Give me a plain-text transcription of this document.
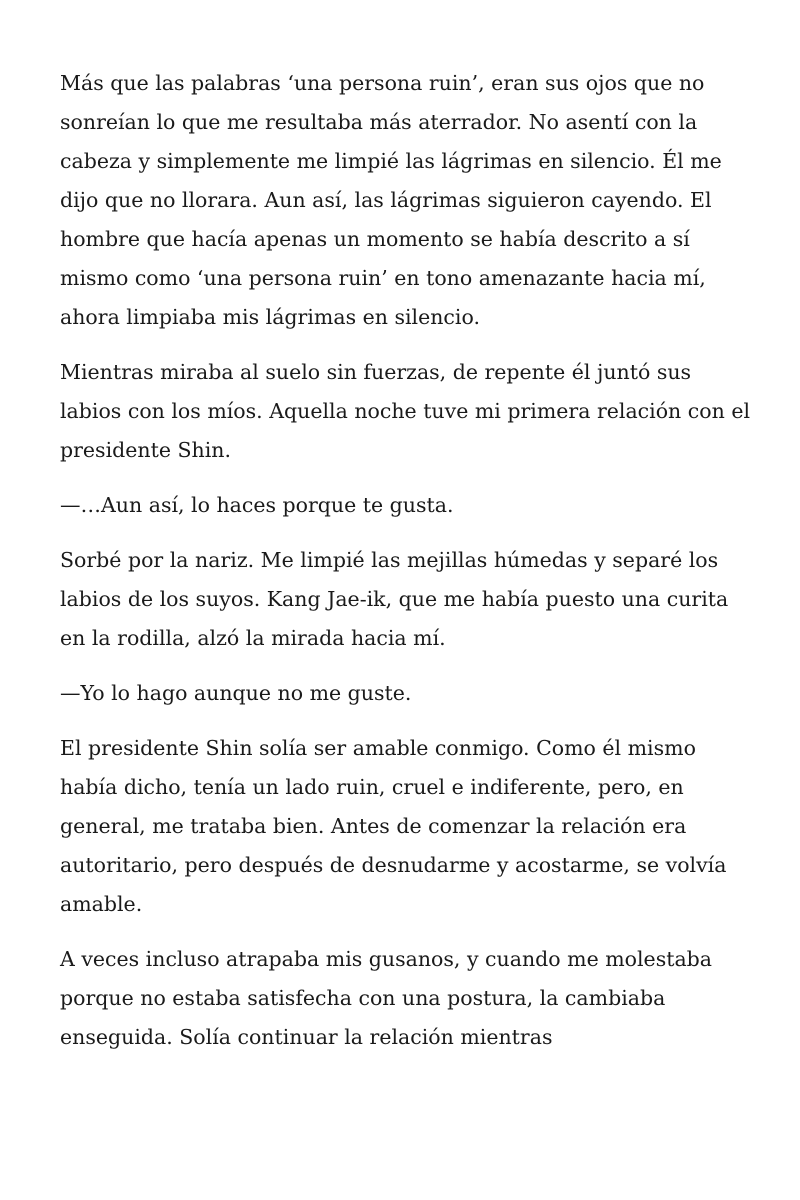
Más que las palabras ‘una persona ruin’, eran sus ojos que no sonreían lo que me resultaba más aterrador. No asentí con la cabeza y simplemente me limpié las lágrimas en silencio. Él me dijo que no llorara. Aun así, las lágrimas siguieron cayendo. El hombre que hacía apenas un momento se había descrito a sí mismo como ‘una persona ruin’ en tono amenazante hacia mí, ahora limpiaba mis lágrimas en silencio.

Mientras miraba al suelo sin fuerzas, de repente él juntó sus labios con los míos. Aquella noche tuve mi primera relación con el presidente Shin.

—…Aun así, lo haces porque te gusta.

Sorbé por la nariz. Me limpié las mejillas húmedas y separé los labios de los suyos. Kang Jae-ik, que me había puesto una curita en la rodilla, alzó la mirada hacia mí.

—Yo lo hago aunque no me guste.

El presidente Shin solía ser amable conmigo. Como él mismo había dicho, tenía un lado ruin, cruel e indiferente, pero, en general, me trataba bien. Antes de comenzar la relación era autoritario, pero después de desnudarme y acostarme, se volvía amable.

A veces incluso atrapaba mis gusanos, y cuando me molestaba porque no estaba satisfecha con una postura, la cambiaba enseguida. Solía continuar la relación mientras
